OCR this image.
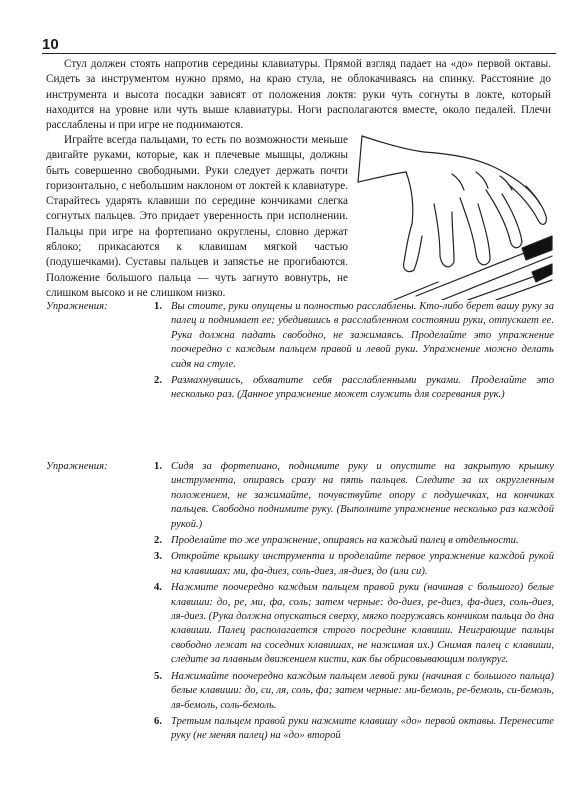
10

Стул должен стоять напротив середины клавиатуры. Прямой взгляд падает на «до» первой октавы. Сидеть за инструментом нужно прямо, на краю стула, не облокачиваясь на спинку. Расстояние до инструмента и высота посадки зависят от положения локтя: руки чуть согнуты в локте, который находится на уровне или чуть выше клавиатуры. Ноги располагаются вместе, около педалей. Плечи расслаблены и при игре не поднимаются.

Играйте всегда пальцами, то есть по возможности меньше двигайте руками, которые, как и плечевые мышцы, должны быть совершенно свободными. Руки следует держать почти горизонтально, с небольшим наклоном от локтей к клавиатуре. Старайтесь ударять клавиши по середине кончиками слегка согнутых пальцев. Это придает уверенность при исполнении. Пальцы при игре на фортепиано округлены, словно держат яблоко; прикасаются к клавишам мягкой частью (подушечками). Суставы пальцев и запястье не прогибаются. Положение большого пальца — чуть загнуто вовнутрь, не слишком высоко и не слишком низко.

Упражнения:	1. Вы стоите, руки опущены и полностью расслаблены. Кто-либо берет вашу руку за палец и поднимает ее; убедившись в расслабленном состоянии руки, отпускает ее. Рука должна падать свободно, не зажимаясь. Проделайте это упражнение поочередно с каждым пальцем правой и левой руки. Упражнение можно делать сидя на стуле.
2. Размахнувшись, обхватите себя расслабленными руками. Проделайте это несколько раз. (Данное упражнение может служить для согревания рук.)
Упражнения:	1. Сидя за фортепиано, поднимите руку и опустите на закрытую крышку инструмента, опираясь сразу на пять пальцев. Следите за их округленным положением, не зажимайте, почувствуйте опору с подушечках, на кончиках пальцев. Свободно поднимите руку. (Выполните упражнение несколько раз каждой рукой.)
2. Проделайте то же упражнение, опираясь на каждый палец в отдельности.
3. Откройте крышку инструмента и проделайте первое упражнение каждой рукой на клавишах: ми, фа-диез, соль-диез, ля-диез, до (или си).
4. Нажмите поочередно каждым пальцем правой руки (начиная с большого) белые клавиши: до, ре, ми, фа, соль; затем черные: до-диез, ре-диез, фа-диез, соль-диез, ля-диез. (Рука должна опускаться сверху, мягко погружаясь кончиком пальца до дна клавиши. Палец располагается строго посредине клавиши. Неиграющие пальцы свободно лежат на соседних клавишах, не нажимая их.) Снимая палец с клавиши, следите за плавным движением кисти, как бы обрисовывающим полукруг.
5. Нажимайте поочередно каждым пальцем левой руки (начиная с большого пальца) белые клавиши: до, си, ля, соль, фа; затем черные: ми-бемоль, ре-бемоль, си-бемоль, ля-бемоль, соль-бемоль.
6. Третьим пальцем правой руки нажмите клавишу «до» первой октавы. Перенесите руку (не меняя палец) на «до» второй
